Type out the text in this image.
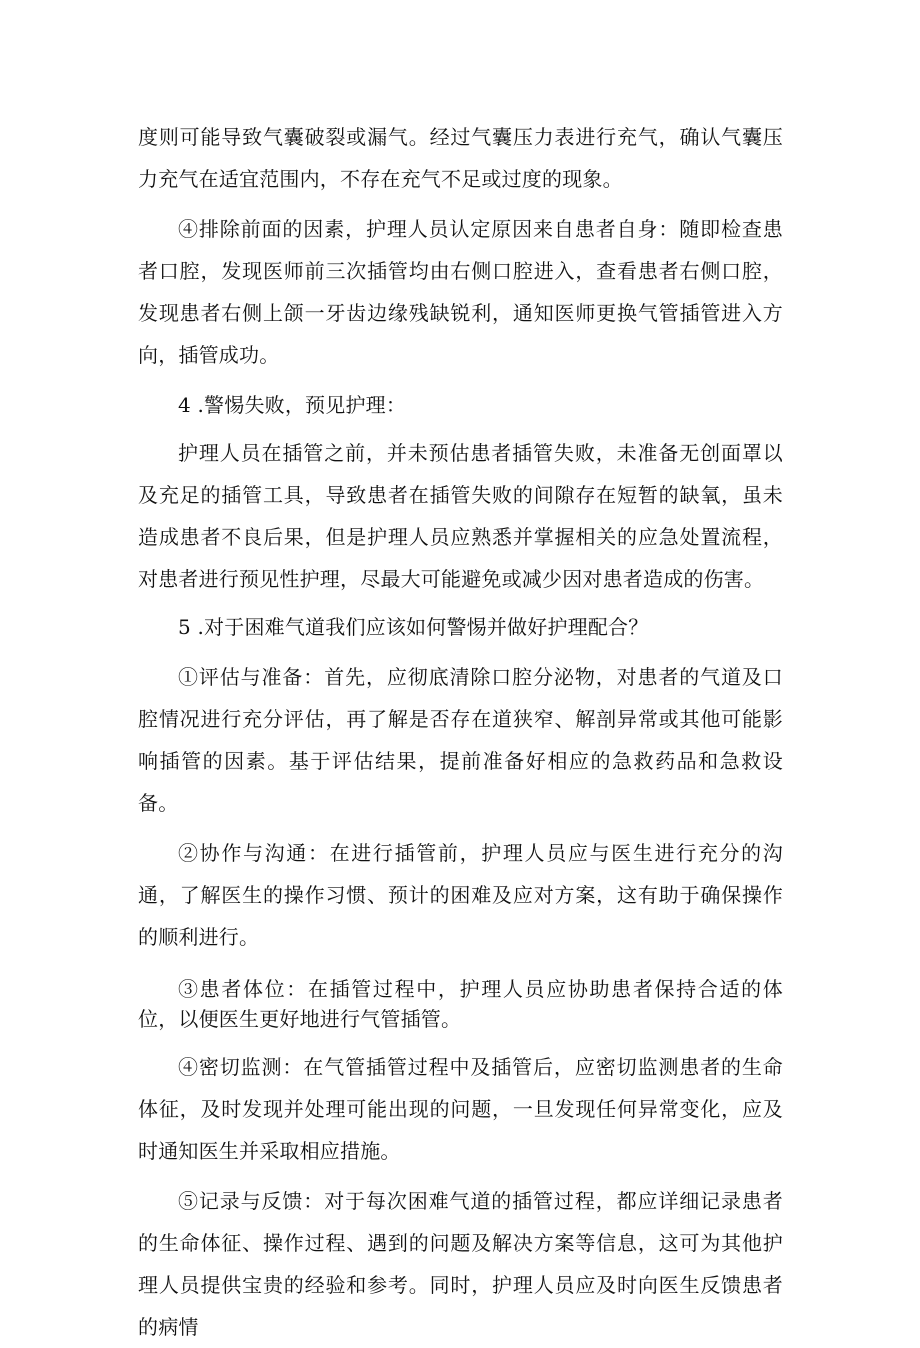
度则可能导致气囊破裂或漏气。经过气囊压力表进行充气，确认气囊压力充气在适宜范围内，不存在充气不足或过度的现象。

④排除前面的因素，护理人员认定原因来自患者自身：随即检查患者口腔，发现医师前三次插管均由右侧口腔进入，查看患者右侧口腔，发现患者右侧上颌一牙齿边缘残缺锐利，通知医师更换气管插管进入方向，插管成功。

4 .警惕失败，预见护理：

护理人员在插管之前，并未预估患者插管失败，未准备无创面罩以及充足的插管工具，导致患者在插管失败的间隙存在短暂的缺氧，虽未造成患者不良后果，但是护理人员应熟悉并掌握相关的应急处置流程，对患者进行预见性护理，尽最大可能避免或减少因对患者造成的伤害。

5 .对于困难气道我们应该如何警惕并做好护理配合？

①评估与准备：首先，应彻底清除口腔分泌物，对患者的气道及口腔情况进行充分评估，再了解是否存在道狭窄、解剖异常或其他可能影响插管的因素。基于评估结果，提前准备好相应的急救药品和急救设备。

②协作与沟通：在进行插管前，护理人员应与医生进行充分的沟通，了解医生的操作习惯、预计的困难及应对方案，这有助于确保操作的顺利进行。

③患者体位：在插管过程中，护理人员应协助患者保持合适的体位，以便医生更好地进行气管插管。

④密切监测：在气管插管过程中及插管后，应密切监测患者的生命体征，及时发现并处理可能出现的问题，一旦发现任何异常变化，应及时通知医生并采取相应措施。

⑤记录与反馈：对于每次困难气道的插管过程，都应详细记录患者的生命体征、操作过程、遇到的问题及解决方案等信息，这可为其他护理人员提供宝贵的经验和参考。同时，护理人员应及时向医生反馈患者的病情
